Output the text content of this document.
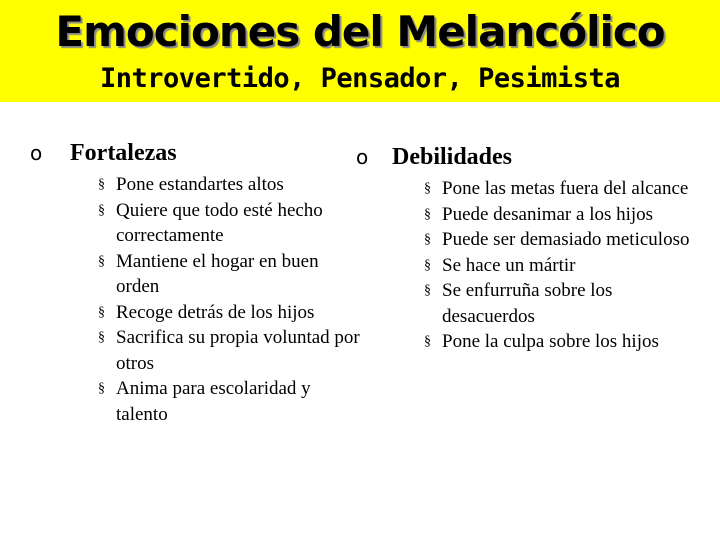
Emociones del Melancólico
Introvertido, Pensador, Pesimista
o	Fortalezas
§ Pone estandartes altos
§ Quiere que todo esté hecho correctamente
§ Mantiene el hogar en buen orden
§ Recoge detrás de los hijos
§ Sacrifica su propia voluntad por otros
§ Anima para escolaridad y talento
o Debilidades
§ Pone las metas fuera del alcance
§ Puede desanimar a los hijos
§ Puede ser demasiado meticuloso
§ Se hace un mártir
§ Se enfurruña sobre los desacuerdos
§ Pone la culpa sobre los hijos
